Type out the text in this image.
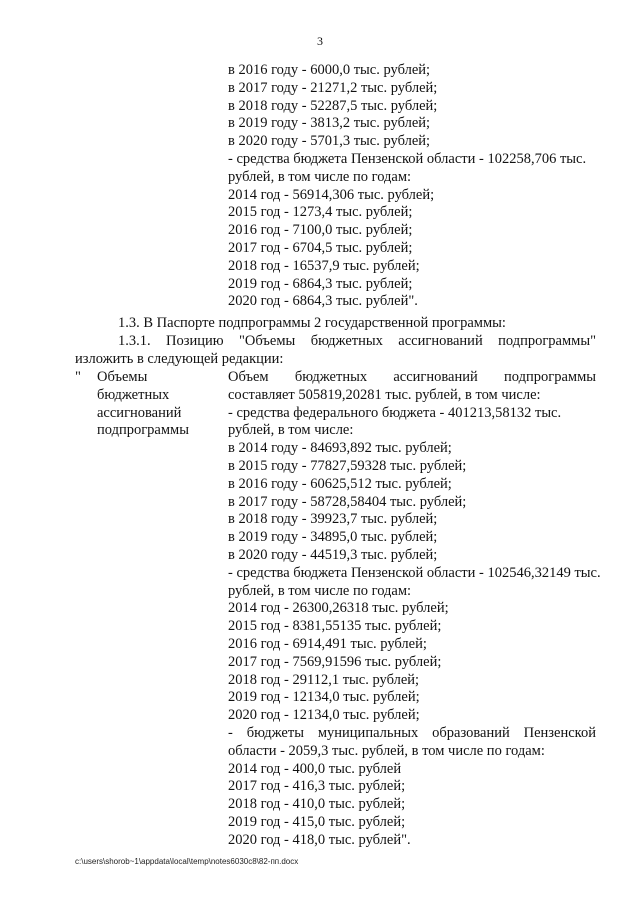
3
в 2016 году - 6000,0 тыс. рублей;
в 2017 году - 21271,2 тыс. рублей;
в 2018 году - 52287,5 тыс. рублей;
в 2019 году - 3813,2 тыс. рублей;
в 2020 году - 5701,3 тыс. рублей;
- средства бюджета Пензенской области - 102258,706 тыс.
рублей, в том числе по годам:
2014 год - 56914,306 тыс. рублей;
2015 год - 1273,4 тыс. рублей;
2016 год - 7100,0 тыс. рублей;
2017 год - 6704,5 тыс. рублей;
2018 год - 16537,9 тыс. рублей;
2019 год - 6864,3 тыс. рублей;
2020 год - 6864,3 тыс. рублей".
1.3. В Паспорте подпрограммы 2 государственной программы:
1.3.1. Позицию "Объемы бюджетных ассигнований подпрограммы"
изложить в следующей редакции:
" Объемы
бюджетных
ассигнований
подпрограммы
Объем бюджетных ассигнований подпрограммы
составляет 505819,20281 тыс. рублей, в том числе:
- средства федерального бюджета - 401213,58132 тыс.
рублей, в том числе:
в 2014 году - 84693,892 тыс. рублей;
в 2015 году - 77827,59328 тыс. рублей;
в 2016 году - 60625,512 тыс. рублей;
в 2017 году - 58728,58404 тыс. рублей;
в 2018 году - 39923,7 тыс. рублей;
в 2019 году - 34895,0 тыс. рублей;
в 2020 году - 44519,3 тыс. рублей;
- средства бюджета Пензенской области - 102546,32149 тыс.
рублей, в том числе по годам:
2014 год - 26300,26318 тыс. рублей;
2015 год - 8381,55135 тыс. рублей;
2016 год - 6914,491 тыс. рублей;
2017 год - 7569,91596 тыс. рублей;
2018 год - 29112,1 тыс. рублей;
2019 год - 12134,0 тыс. рублей;
2020 год - 12134,0 тыс. рублей;
- бюджеты муниципальных образований Пензенской
области - 2059,3 тыс. рублей, в том числе по годам:
2014 год - 400,0 тыс. рублей
2017 год - 416,3 тыс. рублей;
2018 год - 410,0 тыс. рублей;
2019 год - 415,0 тыс. рублей;
2020 год - 418,0 тыс. рублей".
c:\users\shorob~1\appdata\local\temp\notes6030c8\82-пп.docx
